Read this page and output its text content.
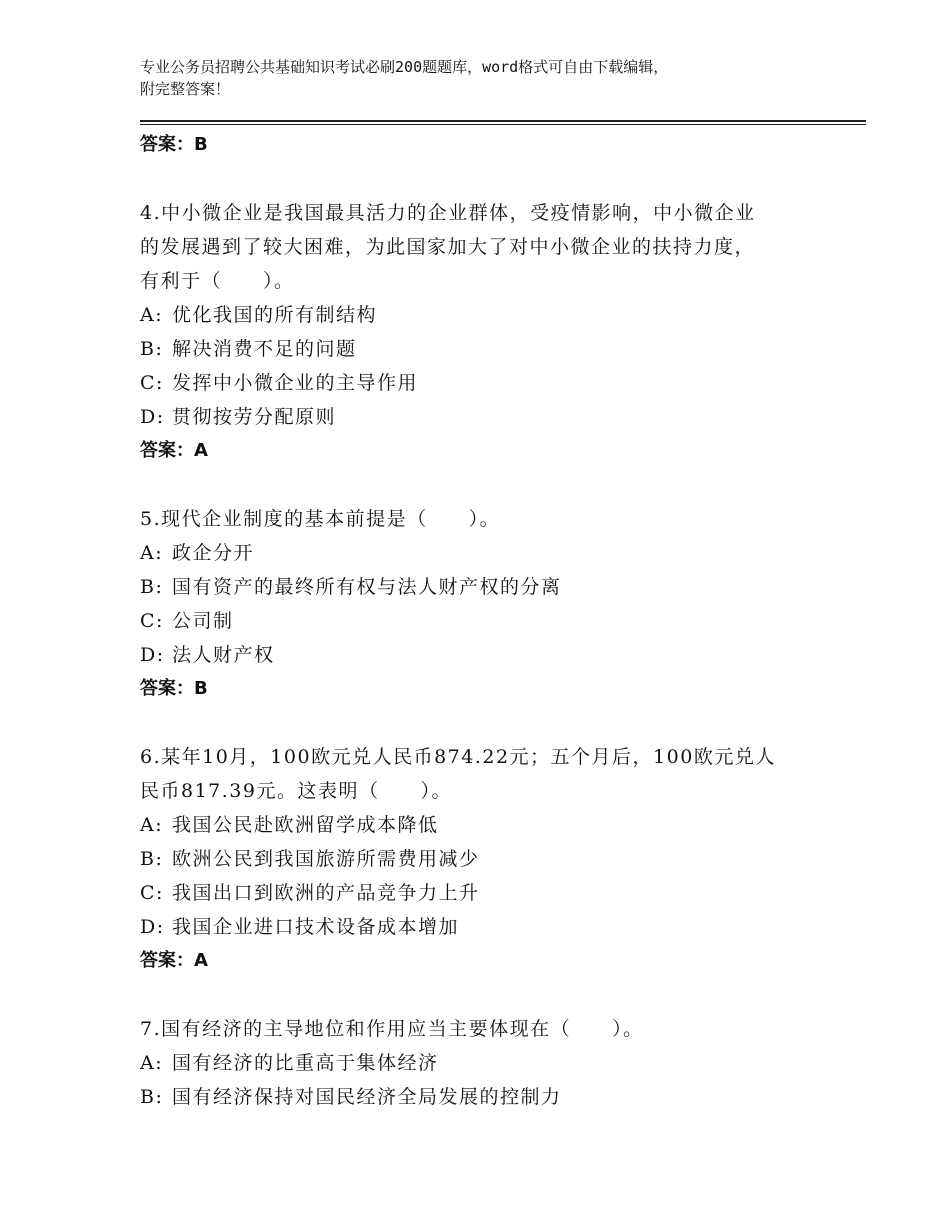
专业公务员招聘公共基础知识考试必刷200题题库，word格式可自由下载编辑，
附完整答案！
答案：B
4.中小微企业是我国最具活力的企业群体，受疫情影响，中小微企业
的发展遇到了较大困难，为此国家加大了对中小微企业的扶持力度，
有利于（　　）。
A: 优化我国的所有制结构
B: 解决消费不足的问题
C: 发挥中小微企业的主导作用
D: 贯彻按劳分配原则
答案：A
5.现代企业制度的基本前提是（　　）。
A: 政企分开
B: 国有资产的最终所有权与法人财产权的分离
C: 公司制
D: 法人财产权
答案：B
6.某年10月，100欧元兑人民币874.22元；五个月后，100欧元兑人
民币817.39元。这表明（　　）。
A: 我国公民赴欧洲留学成本降低
B: 欧洲公民到我国旅游所需费用减少
C: 我国出口到欧洲的产品竞争力上升
D: 我国企业进口技术设备成本增加
答案：A
7.国有经济的主导地位和作用应当主要体现在（　　）。
A: 国有经济的比重高于集体经济
B: 国有经济保持对国民经济全局发展的控制力
